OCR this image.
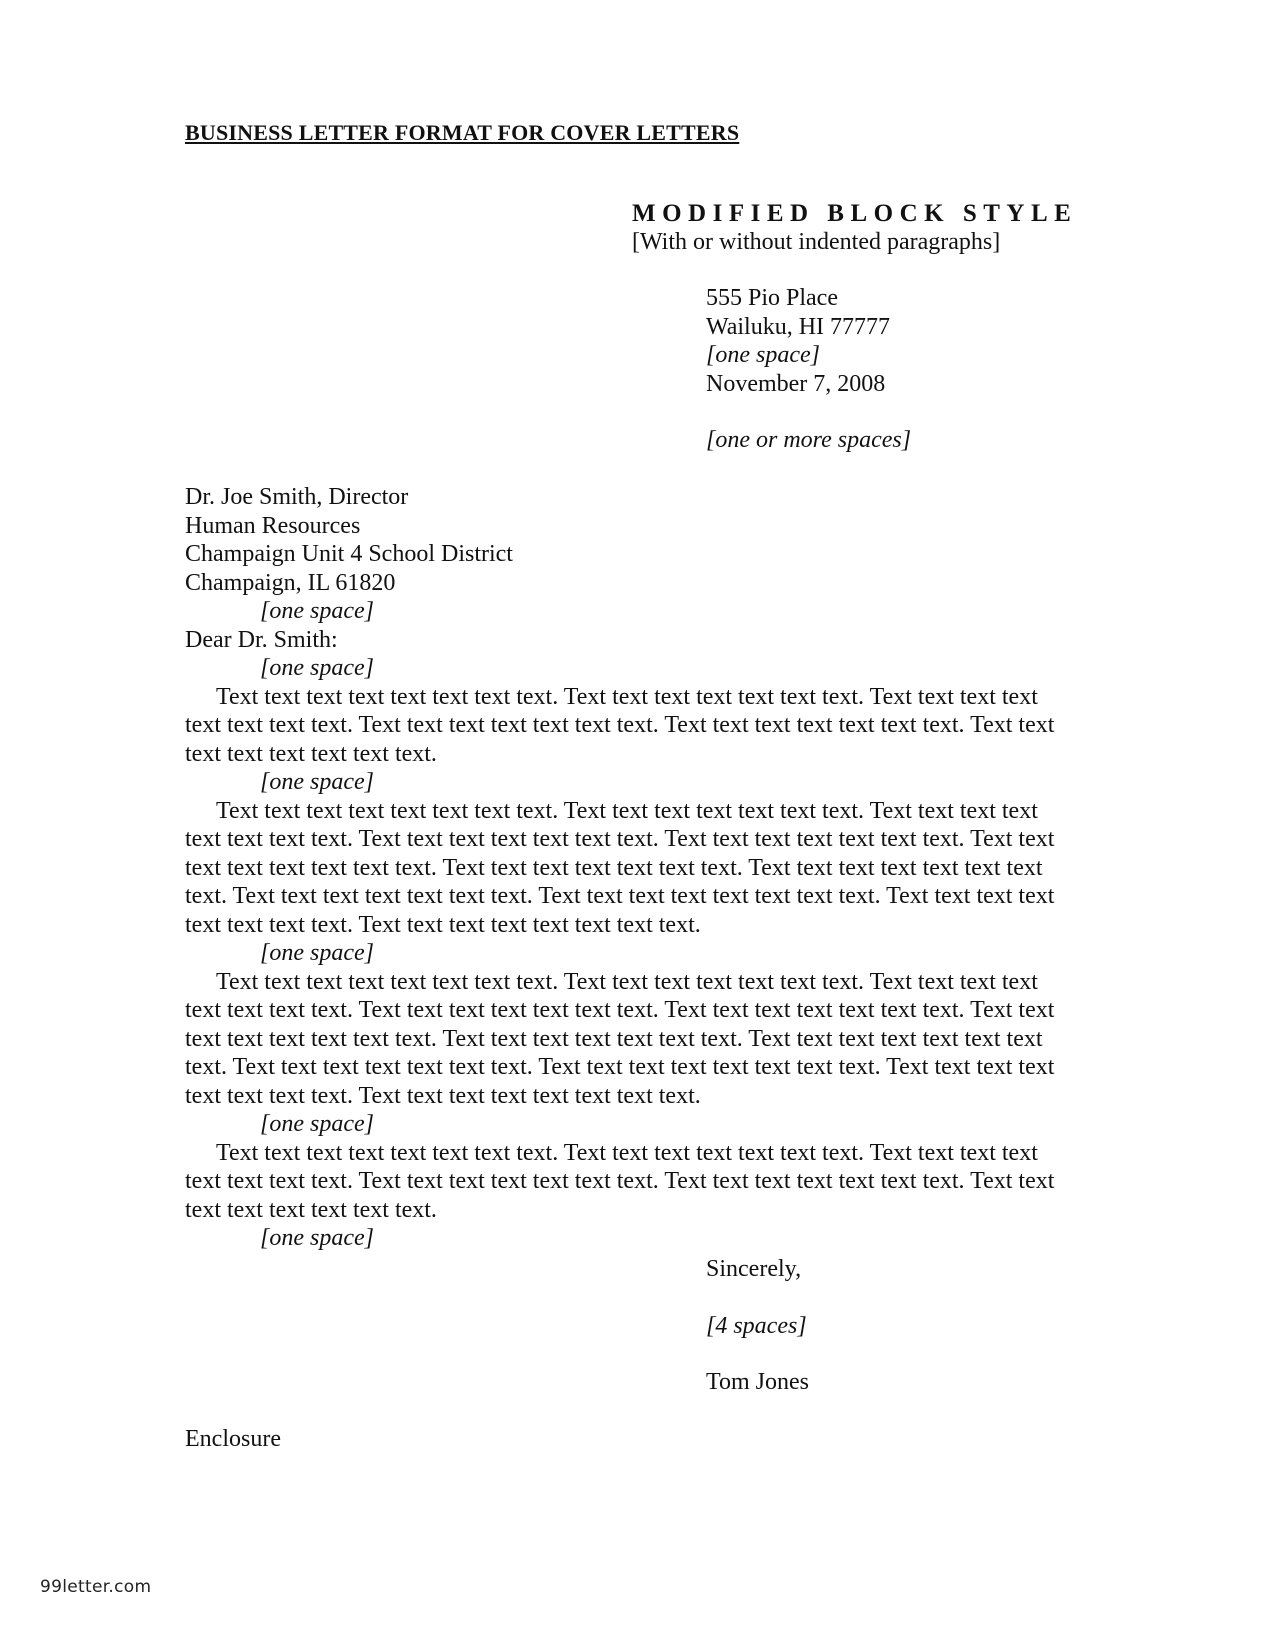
BUSINESS LETTER FORMAT FOR COVER LETTERS
MODIFIED BLOCK STYLE
[With or without indented paragraphs]
555 Pio Place
Wailuku, HI 77777
[one space]
November 7, 2008
[one or more spaces]
Dr. Joe Smith, Director
Human Resources
Champaign Unit 4 School District
Champaign, IL 61820
[one space]
Dear Dr. Smith:
[one space]

Text text text text text text text text. Text text text text text text text. Text text text text text text text text. Text text text text text text text. Text text text text text text text. Text text text text text text text text.

[one space]

Text text text text text text text text. Text text text text text text text. Text text text text text text text text. Text text text text text text text. Text text text text text text text. Text text text text text text text text. Text text text text text text text. Text text text text text text text text. Text text text text text text text. Text text text text text text text text. Text text text text text text text text. Text text text text text text text text.

[one space]

Text text text text text text text text. Text text text text text text text. Text text text text text text text text. Text text text text text text text. Text text text text text text text. Text text text text text text text text. Text text text text text text text. Text text text text text text text text. Text text text text text text text. Text text text text text text text text. Text text text text text text text text. Text text text text text text text text.

[one space]

Text text text text text text text text. Text text text text text text text. Text text text text text text text text. Text text text text text text text. Text text text text text text text. Text text text text text text text text.

[one space]
Sincerely,
[4 spaces]
Tom Jones
Enclosure
99letter.com
